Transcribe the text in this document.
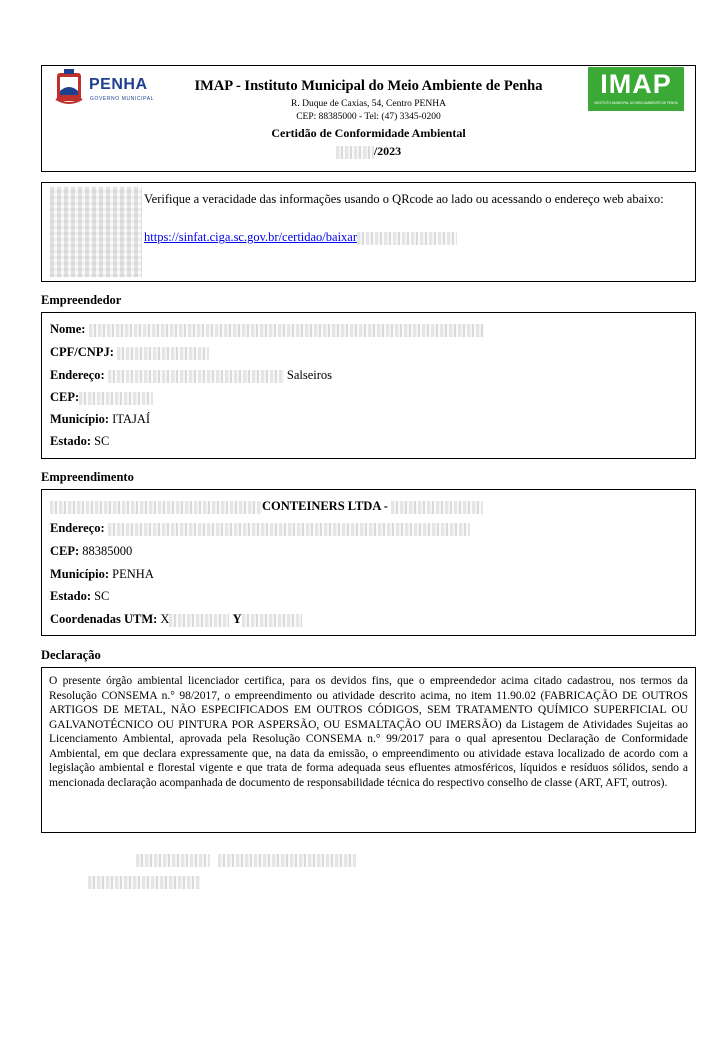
PENHA
GOVERNO MUNICIPAL
IMAP - Instituto Municipal do Meio Ambiente de Penha
R. Duque de Caxias, 54, Centro PENHA
CEP: 88385000 - Tel: (47) 3345-0200
Certidão de Conformidade Ambiental
/2023
IMAP
INSTITUTO MUNICIPAL DO MEIO AMBIENTE DE PENHA
Verifique a veracidade das informações usando o QRcode ao lado ou acessando o endereço web abaixo:
https://sinfat.ciga.sc.gov.br/certidao/baixar
Empreendedor
Nome:
CPF/CNPJ:
Endereço:	Salseiros
CEP:
Município: ITAJAÍ
Estado: SC
Empreendimento
CONTEINERS LTDA -
Endereço:
CEP: 88385000
Município: PENHA
Estado: SC
Coordenadas UTM: X	Y
Declaração
O presente órgão ambiental licenciador certifica, para os devidos fins, que o empreendedor acima citado cadastrou, nos termos da Resolução CONSEMA n.° 98/2017, o empreendimento ou atividade descrito acima, no item 11.90.02 (FABRICAÇÃO DE OUTROS ARTIGOS DE METAL, NÃO ESPECIFICADOS EM OUTROS CÓDIGOS, SEM TRATAMENTO QUÍMICO SUPERFICIAL OU GALVANOTÉCNICO OU PINTURA POR ASPERSÃO, OU ESMALTAÇÃO OU IMERSÃO) da Listagem de Atividades Sujeitas ao Licenciamento Ambiental, aprovada pela Resolução CONSEMA n.° 99/2017 para o qual apresentou Declaração de Conformidade Ambiental, em que declara expressamente que, na data da emissão, o empreendimento ou atividade estava localizado de acordo com a legislação ambiental e florestal vigente e que trata de forma adequada seus efluentes atmosféricos, líquidos e resíduos sólidos, sendo a mencionada declaração acompanhada de documento de responsabilidade técnica do respectivo conselho de classe (ART, AFT, outros).
